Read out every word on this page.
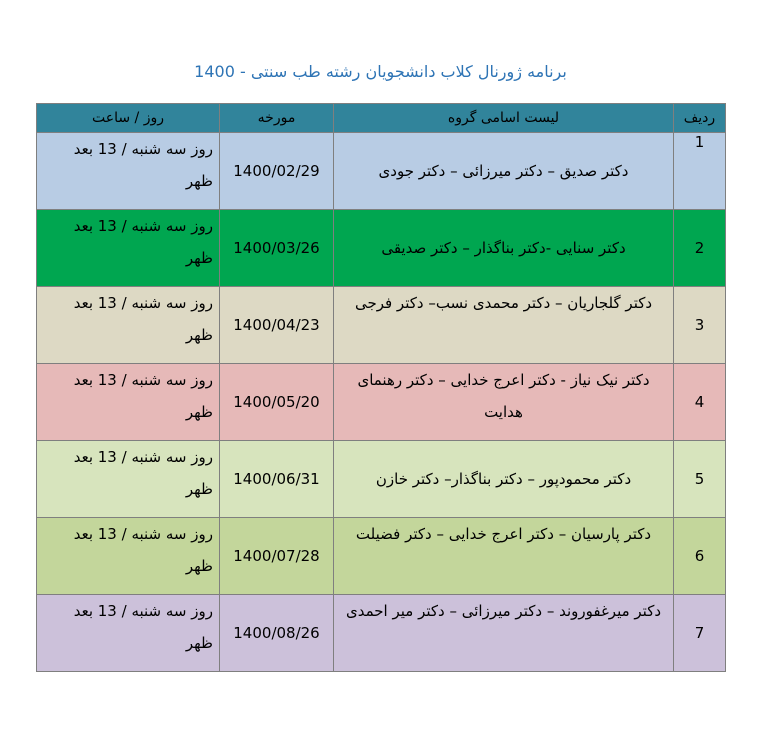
برنامه ژورنال کلاب دانشجویان رشته طب سنتی - 1400
ردیف	لیست اسامی گروه	مورخه	روز / ساعت
1	دکتر صدیق – دکتر میرزائی – دکتر جودی	1400/02/29	روز سه شنبه / 13 بعد ظهر
2	دکتر سنایی -دکتر بناگذار – دکتر صدیقی	1400/03/26	روز سه شنبه / 13 بعد ظهر
3	دکتر گلجاریان – دکتر محمدی نسب– دکتر فرجی	1400/04/23	روز سه شنبه / 13 بعد ظهر
4	دکتر نیک نیاز - دکتر اعرج خدایی – دکتر رهنمای هدایت	1400/05/20	روز سه شنبه / 13 بعد ظهر
5	دکتر محمودپور – دکتر بناگذار– دکتر خازن	1400/06/31	روز سه شنبه / 13 بعد ظهر
6	دکتر پارسیان – دکتر اعرج خدایی – دکتر فضیلت	1400/07/28	روز سه شنبه / 13 بعد ظهر
7	دکتر میرغفوروند – دکتر میرزائی – دکتر میر احمدی	1400/08/26	روز سه شنبه / 13 بعد ظهر
